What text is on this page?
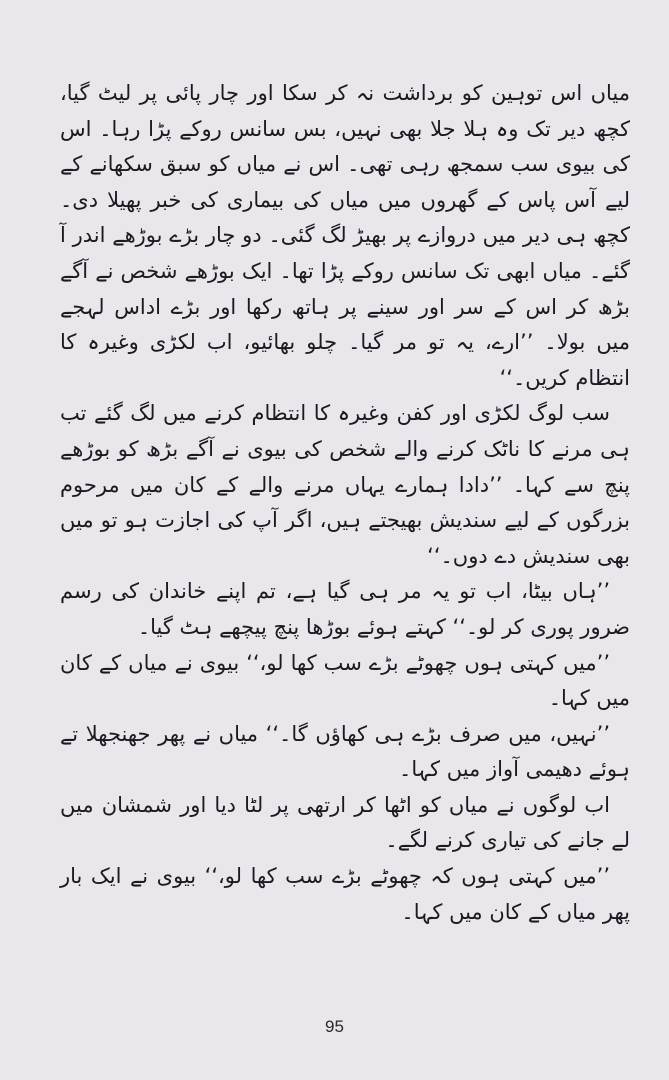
میاں اس توہین کو برداشت نہ کر سکا اور چار پائی پر لیٹ گیا، کچھ دیر تک وہ ہلا جلا بھی نہیں، بس سانس روکے پڑا رہا۔ اس کی بیوی سب سمجھ رہی تھی۔ اس نے میاں کو سبق سکھانے کے لیے آس پاس کے گھروں میں میاں کی بیماری کی خبر پھیلا دی۔ کچھ ہی دیر میں دروازے پر بھیڑ لگ گئی۔ دو چار بڑے بوڑھے اندر آ گئے۔ میاں ابھی تک سانس روکے پڑا تھا۔ ایک بوڑھے شخص نے آگے بڑھ کر اس کے سر اور سینے پر ہاتھ رکھا اور بڑے اداس لہجے میں بولا۔ ’’ارے، یہ تو مر گیا۔ چلو بھائیو، اب لکڑی وغیرہ کا انتظام کریں۔‘‘

سب لوگ لکڑی اور کفن وغیرہ کا انتظام کرنے میں لگ گئے تب ہی مرنے کا ناٹک کرنے والے شخص کی بیوی نے آگے بڑھ کو بوڑھے پنچ سے کہا۔ ’’دادا ہمارے یہاں مرنے والے کے کان میں مرحوم بزرگوں کے لیے سندیش بھیجتے ہیں، اگر آپ کی اجازت ہو تو میں بھی سندیش دے دوں۔‘‘

’’ہاں بیٹا، اب تو یہ مر ہی گیا ہے، تم اپنے خاندان کی رسم ضرور پوری کر لو۔‘‘ کہتے ہوئے بوڑھا پنچ پیچھے ہٹ گیا۔

’’میں کہتی ہوں چھوٹے بڑے سب کھا لو،‘‘ بیوی نے میاں کے کان میں کہا۔

’’نہیں، میں صرف بڑے ہی کھاؤں گا۔‘‘ میاں نے پھر جھنجھلا تے ہوئے دھیمی آواز میں کہا۔

اب لوگوں نے میاں کو اٹھا کر ارتھی پر لٹا دیا اور شمشان میں لے جانے کی تیاری کرنے لگے۔

’’میں کہتی ہوں کہ چھوٹے بڑے سب کھا لو،‘‘ بیوی نے ایک بار پھر میاں کے کان میں کہا۔

95
